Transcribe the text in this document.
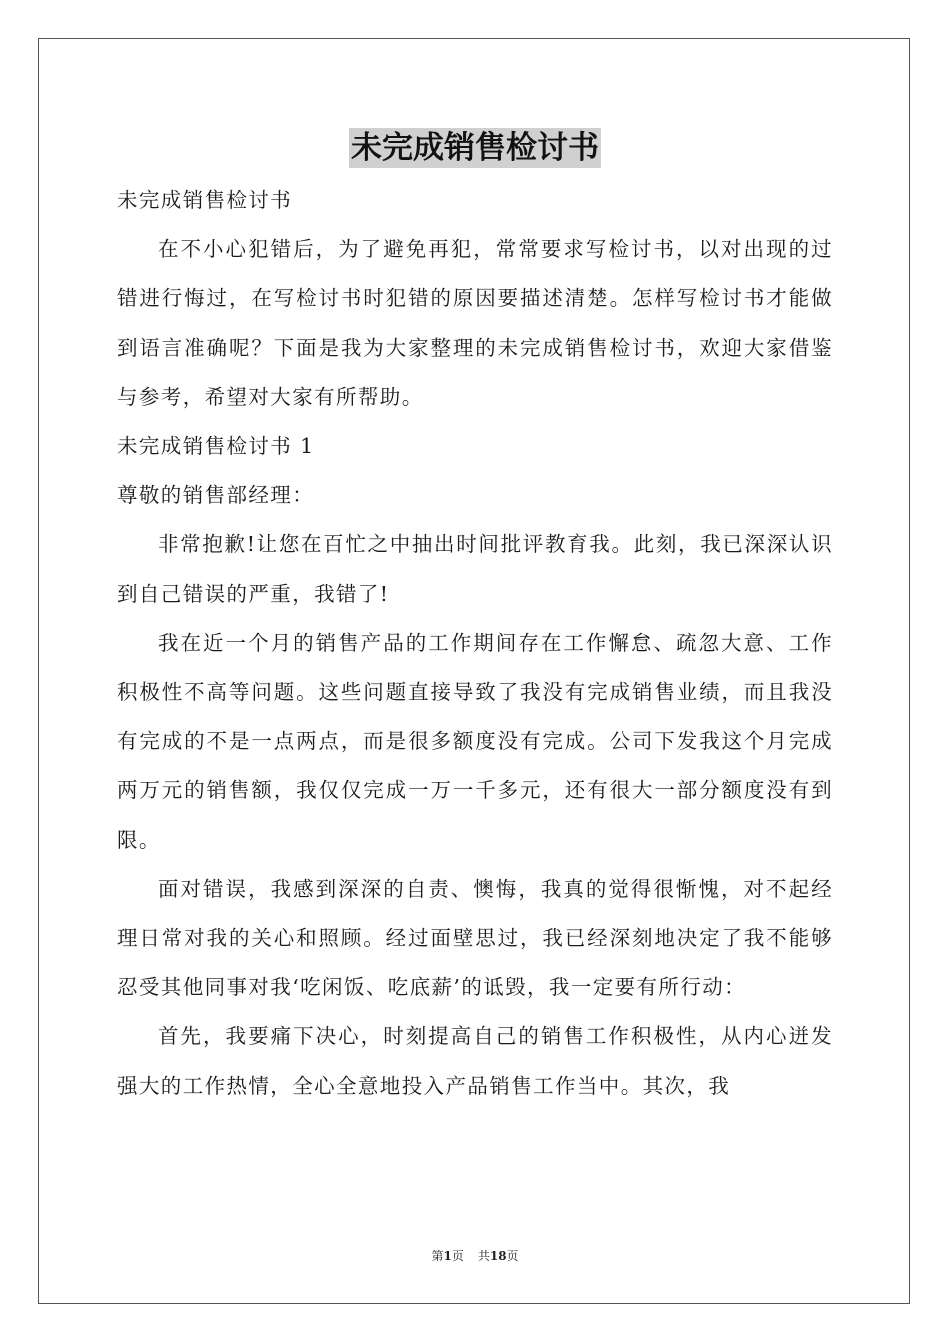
未完成销售检讨书

未完成销售检讨书

在不小心犯错后，为了避免再犯，常常要求写检讨书，以对出现的过错进行悔过，在写检讨书时犯错的原因要描述清楚。怎样写检讨书才能做到语言准确呢？下面是我为大家整理的未完成销售检讨书，欢迎大家借鉴与参考，希望对大家有所帮助。

未完成销售检讨书 1

尊敬的销售部经理：

非常抱歉!让您在百忙之中抽出时间批评教育我。此刻，我已深深认识到自己错误的严重，我错了!

我在近一个月的销售产品的工作期间存在工作懈怠、疏忽大意、工作积极性不高等问题。这些问题直接导致了我没有完成销售业绩，而且我没有完成的不是一点两点，而是很多额度没有完成。公司下发我这个月完成两万元的销售额，我仅仅完成一万一千多元，还有很大一部分额度没有到限。

面对错误，我感到深深的自责、懊悔，我真的觉得很惭愧，对不起经理日常对我的关心和照顾。经过面壁思过，我已经深刻地决定了我不能够忍受其他同事对我‘吃闲饭、吃底薪’的诋毁，我一定要有所行动：

首先，我要痛下决心，时刻提高自己的销售工作积极性，从内心迸发强大的工作热情，全心全意地投入产品销售工作当中。其次，我

第1页 共18页
